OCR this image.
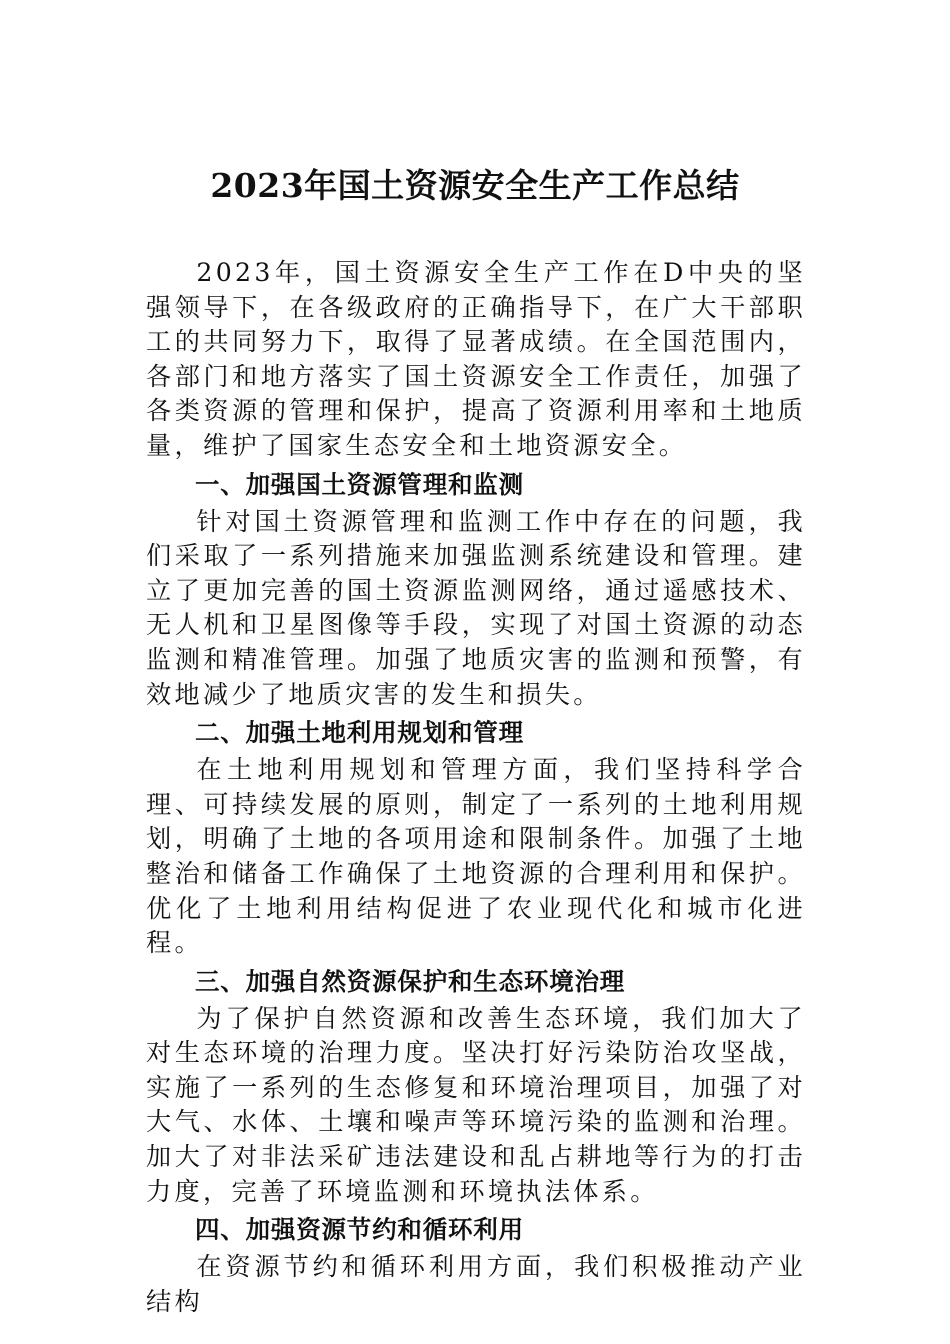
2023年国土资源安全生产工作总结

2023年，国土资源安全生产工作在D中央的坚强领导下，在各级政府的正确指导下，在广大干部职工的共同努力下，取得了显著成绩。在全国范围内，各部门和地方落实了国土资源安全工作责任，加强了各类资源的管理和保护，提高了资源利用率和土地质量，维护了国家生态安全和土地资源安全。

一、加强国土资源管理和监测

针对国土资源管理和监测工作中存在的问题，我们采取了一系列措施来加强监测系统建设和管理。建立了更加完善的国土资源监测网络，通过遥感技术、无人机和卫星图像等手段，实现了对国土资源的动态监测和精准管理。加强了地质灾害的监测和预警，有效地减少了地质灾害的发生和损失。

二、加强土地利用规划和管理

在土地利用规划和管理方面，我们坚持科学合理、可持续发展的原则，制定了一系列的土地利用规划，明确了土地的各项用途和限制条件。加强了土地整治和储备工作确保了土地资源的合理利用和保护。优化了土地利用结构促进了农业现代化和城市化进程。

三、加强自然资源保护和生态环境治理

为了保护自然资源和改善生态环境，我们加大了对生态环境的治理力度。坚决打好污染防治攻坚战，实施了一系列的生态修复和环境治理项目，加强了对大气、水体、土壤和噪声等环境污染的监测和治理。加大了对非法采矿违法建设和乱占耕地等行为的打击力度，完善了环境监测和环境执法体系。

四、加强资源节约和循环利用

在资源节约和循环利用方面，我们积极推动产业结构
